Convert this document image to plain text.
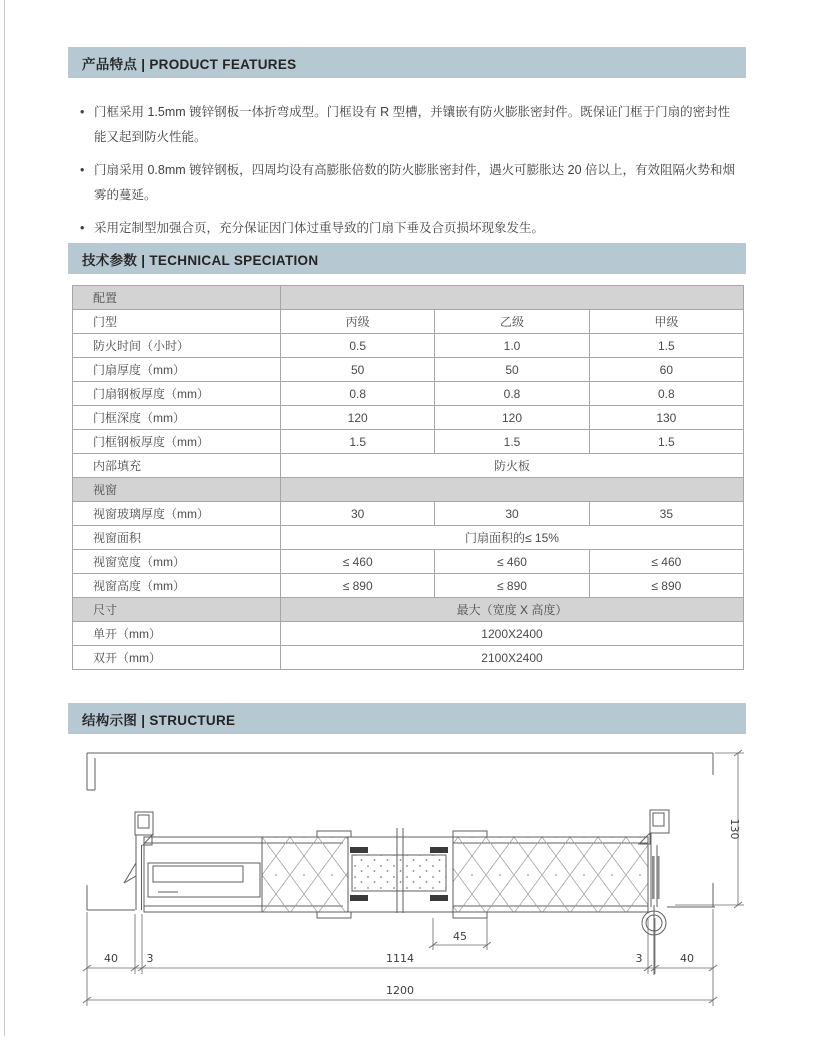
产品特点 | PRODUCT FEATURES
• 门框采用 1.5mm 镀锌钢板一体折弯成型。门框设有 R 型槽，并镶嵌有防火膨胀密封件。既保证门框于门扇的密封性能又起到防火性能。
• 门扇采用 0.8mm 镀锌钢板，四周均设有高膨胀倍数的防火膨胀密封件，遇火可膨胀达 20 倍以上，有效阻隔火势和烟雾的蔓延。
• 采用定制型加强合页，充分保证因门体过重导致的门扇下垂及合页损坏现象发生。
技术参数 | TECHNICAL SPECIATION
配置			
门型	丙级	乙级	甲级
防火时间（小时）	0.5	1.0	1.5
门扇厚度（mm）	50	50	60
门扇钢板厚度（mm）	0.8	0.8	0.8
门框深度（mm）	120	120	130
门框钢板厚度（mm）	1.5	1.5	1.5
内部填充	防火板		
视窗			
视窗玻璃厚度（mm）	30	30	35
视窗面积	门扇面积的≤ 15%		
视窗宽度（mm）	≤ 460	≤ 460	≤ 460
视窗高度（mm）	≤ 890	≤ 890	≤ 890
尺寸	最大（宽度 X 高度）		
单开（mm）	1200X2400		
双开（mm）	2100X2400		
结构示图 | STRUCTURE
40	3	1114	3	40
1200
45
130
